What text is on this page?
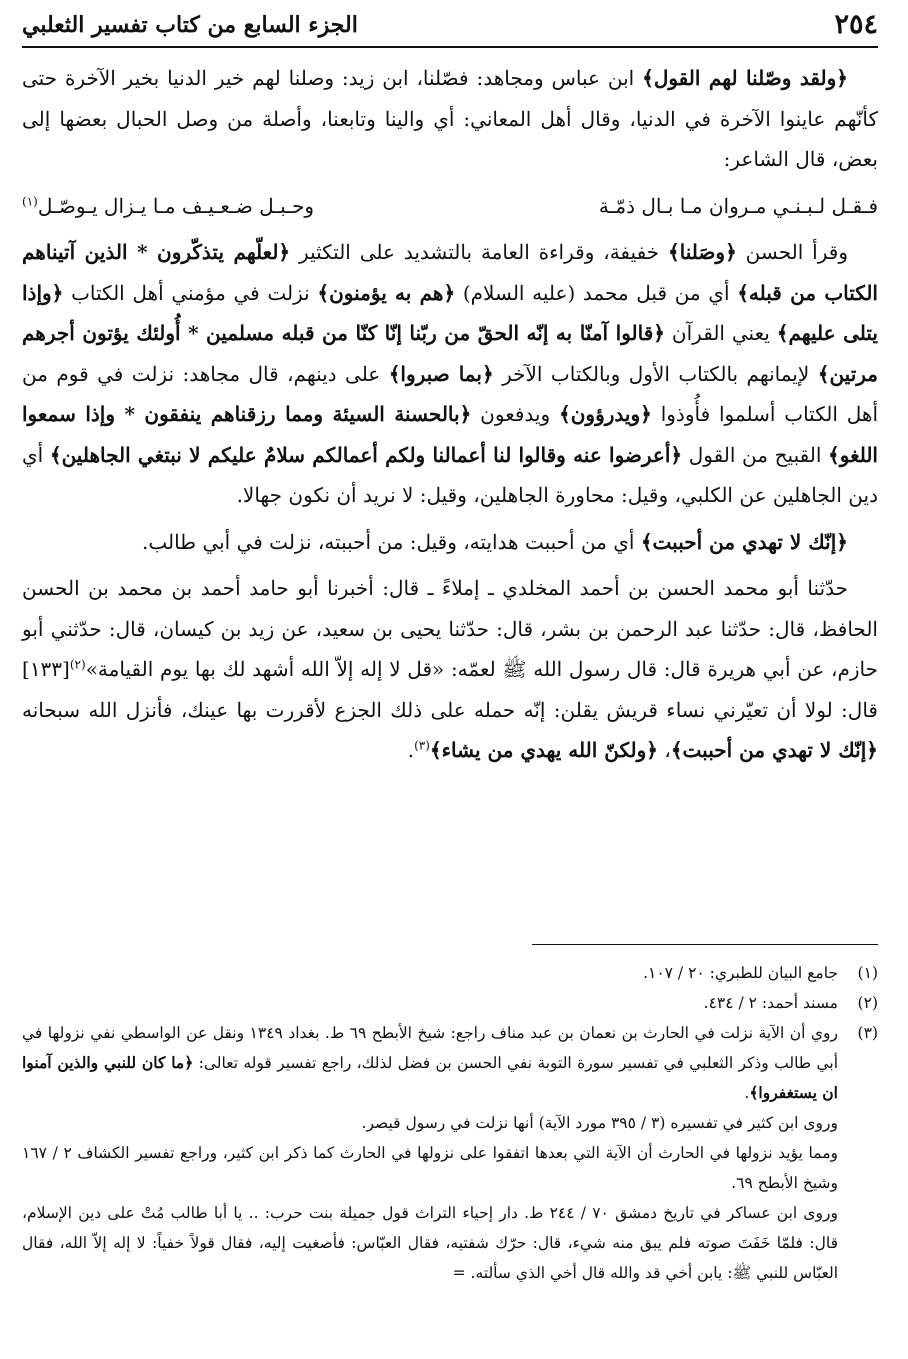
٢٥٤
الجزء السابع من كتاب تفسير الثعلبي

﴿ولقد وصّلنا لهم القول﴾ ابن عباس ومجاهد: فصّلنا، ابن زيد: وصلنا لهم خير الدنيا بخير الآخرة حتى كأنّهم عاينوا الآخرة في الدنيا، وقال أهل المعاني: أي والينا وتابعنا، وأصلة من وصل الحبال بعضها إلى بعض، قال الشاعر:

فـقـل لـبـنـي مـروان مـا بـال ذمّـة
وحـبـل ضـعـيـف مـا يـزال يـوصّـل$^{(١)}$

وقرأ الحسن ﴿وصَلنا﴾ خفيفة، وقراءة العامة بالتشديد على التكثير ﴿لعلّهم يتذكّرون * الذين آتيناهم الكتاب من قبله﴾ أي من قبل محمد (عليه السلام) ﴿هم به يؤمنون﴾ نزلت في مؤمني أهل الكتاب ﴿وإذا يتلى عليهم﴾ يعني القرآن ﴿قالوا آمنّا به إنّه الحقّ من ربّنا إنّا كنّا من قبله مسلمين * أُولئك يؤتون أجرهم مرتين﴾ لإيمانهم بالكتاب الأول وبالكتاب الآخر ﴿بما صبروا﴾ على دينهم، قال مجاهد: نزلت في قوم من أهل الكتاب أسلموا فأُوذوا ﴿ويدرؤون﴾ ويدفعون ﴿بالحسنة السيئة ومما رزقناهم ينفقون * وإذا سمعوا اللغو﴾ القبيح من القول ﴿أعرضوا عنه وقالوا لنا أعمالنا ولكم أعمالكم سلامٌ عليكم لا نبتغي الجاهلين﴾ أي دين الجاهلين عن الكلبي، وقيل: محاورة الجاهلين، وقيل: لا نريد أن نكون جهالا.

﴿إنّك لا تهدي من أحببت﴾ أي من أحببت هدايته، وقيل: من أحببته، نزلت في أبي طالب.

حدّثنا أبو محمد الحسن بن أحمد المخلدي ـ إملاءً ـ قال: أخبرنا أبو حامد أحمد بن محمد بن الحسن الحافظ، قال: حدّثنا عبد الرحمن بن بشر، قال: حدّثنا يحيى بن سعيد، عن زيد بن كيسان، قال: حدّثني أبو حازم، عن أبي هريرة قال: قال رسول الله ﷺ لعمّه: «قل لا إله إلاّ الله أشهد لك بها يوم القيامة»$^{(٢)}$[١٣٣] قال: لولا أن تعيّرني نساء قريش يقلن: إنّه حمله على ذلك الجزع لأقررت بها عينك، فأنزل الله سبحانه ﴿إنّك لا تهدي من أحببت﴾، ﴿ولكنّ الله يهدي من يشاء﴾$^{(٣)}$.

(١)

جامع البيان للطبري: ٢٠ / ١٠٧.

(٢)

مسند أحمد: ٢ / ٤٣٤.

(٣)

روي أن الآية نزلت في الحارث بن نعمان بن عبد مناف راجع: شيخ الأبطح ٦٩ ط. بغداد ١٣٤٩ ونقل عن الواسطي نفي نزولها في أبي طالب وذكر الثعلبي في تفسير سورة التوبة نفي الحسن بن فضل لذلك، راجع تفسير قوله تعالى: ﴿ما كان للنبي والذين آمنوا ان يستغفروا﴾.

وروى ابن كثير في تفسيره (٣ / ٣٩٥ مورد الآية) أنها نزلت في رسول قيصر.

ومما يؤيد نزولها في الحارث أن الآية التي بعدها اتفقوا على نزولها في الحارث كما ذكر ابن كثير، وراجع تفسير الكشاف ٢ / ١٦٧ وشيخ الأبطح ٦٩.

وروى ابن عساكر في تاريخ دمشق ٧٠ / ٢٤٤ ط. دار إحياء التراث قول جميلة بنت حرب: .. يا أبا طالب مُتْ على دين الإسلام، قال: فلمّا خَفَتَ صوته فلم يبق منه شيء، قال: حرّك شفتيه، فقال العبّاس: فأصغيت إليه، فقال قولاً خفياً: لا إله إلاّ الله، فقال العبّاس للنبي ﷺ: يابن أخي قد والله قال أخي الذي سألته. =
